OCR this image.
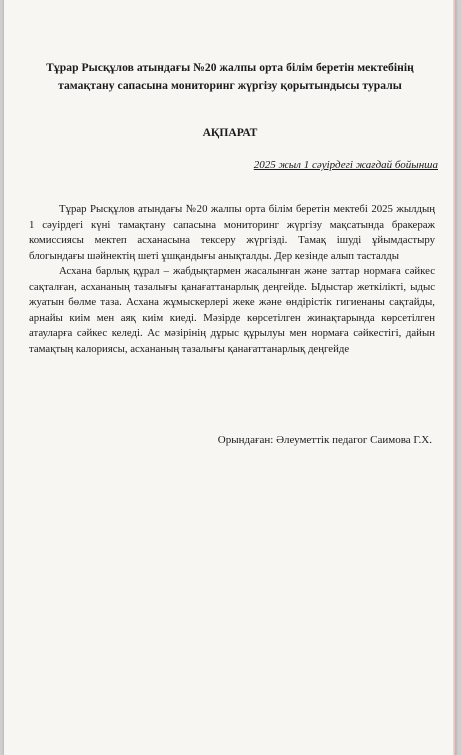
Тұрар Рысқұлов атындағы №20 жалпы орта білім беретін мектебінің тамақтану сапасына мониторинг жүргізу қорытындысы туралы
АҚПАРАТ
2025 жыл 1 сәуірдегі жағдай бойынша

Тұрар Рысқұлов атындағы №20 жалпы орта білім беретін мектебі 2025 жылдың 1 сәуірдегі күні тамақтану сапасына мониторинг жүргізу мақсатында бракераж комиссиясы мектеп асханасына тексеру жүргізді. Тамақ ішуді ұйымдастыру блогындағы шәйнектің шеті ұшқандығы анықталды. Дер кезінде алып тасталды

Асхана барлық құрал – жабдықтармен жасалынған және заттар нормаға сәйкес сақталған, асхананың тазалығы қанағаттанарлық деңгейде. Ыдыстар жеткілікті, ыдыс жуатын бөлме таза. Асхана жұмыскерлері жеке және өндірістік гигиенаны сақтайды, арнайы киім мен аяқ киім киеді. Мәзірде көрсетілген жинақтарында көрсетілген атауларға сәйкес келеді. Ас мәзірінің дұрыс құрылуы мен нормаға сәйкестігі, дайын тамақтың калориясы, асхананың тазалығы қанағаттанарлық деңгейде

Орындаған: Әлеуметтік педагог Саимова Г.Х.
